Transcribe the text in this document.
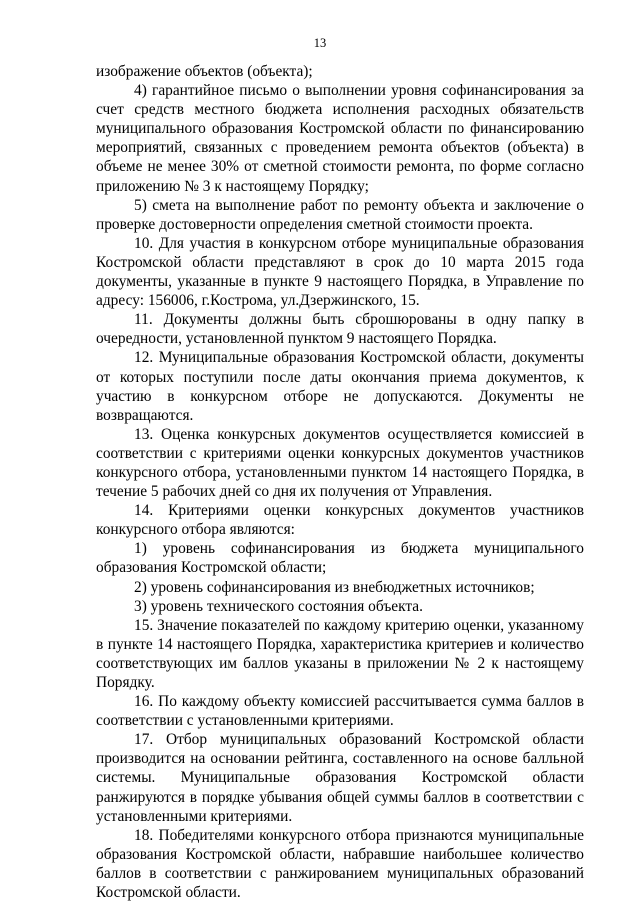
13

изображение объектов (объекта);

4) гарантийное письмо о выполнении уровня софинансирования за счет средств местного бюджета исполнения расходных обязательств муниципального образования Костромской области по финансированию мероприятий, связанных с проведением ремонта объектов (объекта) в объеме не менее 30% от сметной стоимости ремонта, по форме согласно приложению № 3 к настоящему Порядку;

5) смета на выполнение работ по ремонту объекта и заключение о проверке достоверности определения сметной стоимости проекта.

10. Для участия в конкурсном отборе муниципальные образования Костромской области представляют в срок до 10 марта 2015 года документы, указанные в пункте 9 настоящего Порядка, в Управление по адресу: 156006, г.Кострома, ул.Дзержинского, 15.

11. Документы должны быть сброшюрованы в одну папку в очередности, установленной пунктом 9 настоящего Порядка.

12. Муниципальные образования Костромской области, документы от которых поступили после даты окончания приема документов, к участию в конкурсном отборе не допускаются. Документы не возвращаются.

13. Оценка конкурсных документов осуществляется комиссией в соответствии с критериями оценки конкурсных документов участников конкурсного отбора, установленными пунктом 14 настоящего Порядка, в течение 5 рабочих дней со дня их получения от Управления.

14. Критериями оценки конкурсных документов участников конкурсного отбора являются:

1) уровень софинансирования из бюджета муниципального образования Костромской области;

2) уровень софинансирования из внебюджетных источников;

3) уровень технического состояния объекта.

15. Значение показателей по каждому критерию оценки, указанному в пункте 14 настоящего Порядка, характеристика критериев и количество соответствующих им баллов указаны в приложении № 2 к настоящему Порядку.

16. По каждому объекту комиссией рассчитывается сумма баллов в соответствии с установленными критериями.

17. Отбор муниципальных образований Костромской области производится на основании рейтинга, составленного на основе балльной системы. Муниципальные образования Костромской области ранжируются в порядке убывания общей суммы баллов в соответствии с установленными критериями.

18. Победителями конкурсного отбора признаются муниципальные образования Костромской области, набравшие наибольшее количество баллов в соответствии с ранжированием муниципальных образований Костромской области.
